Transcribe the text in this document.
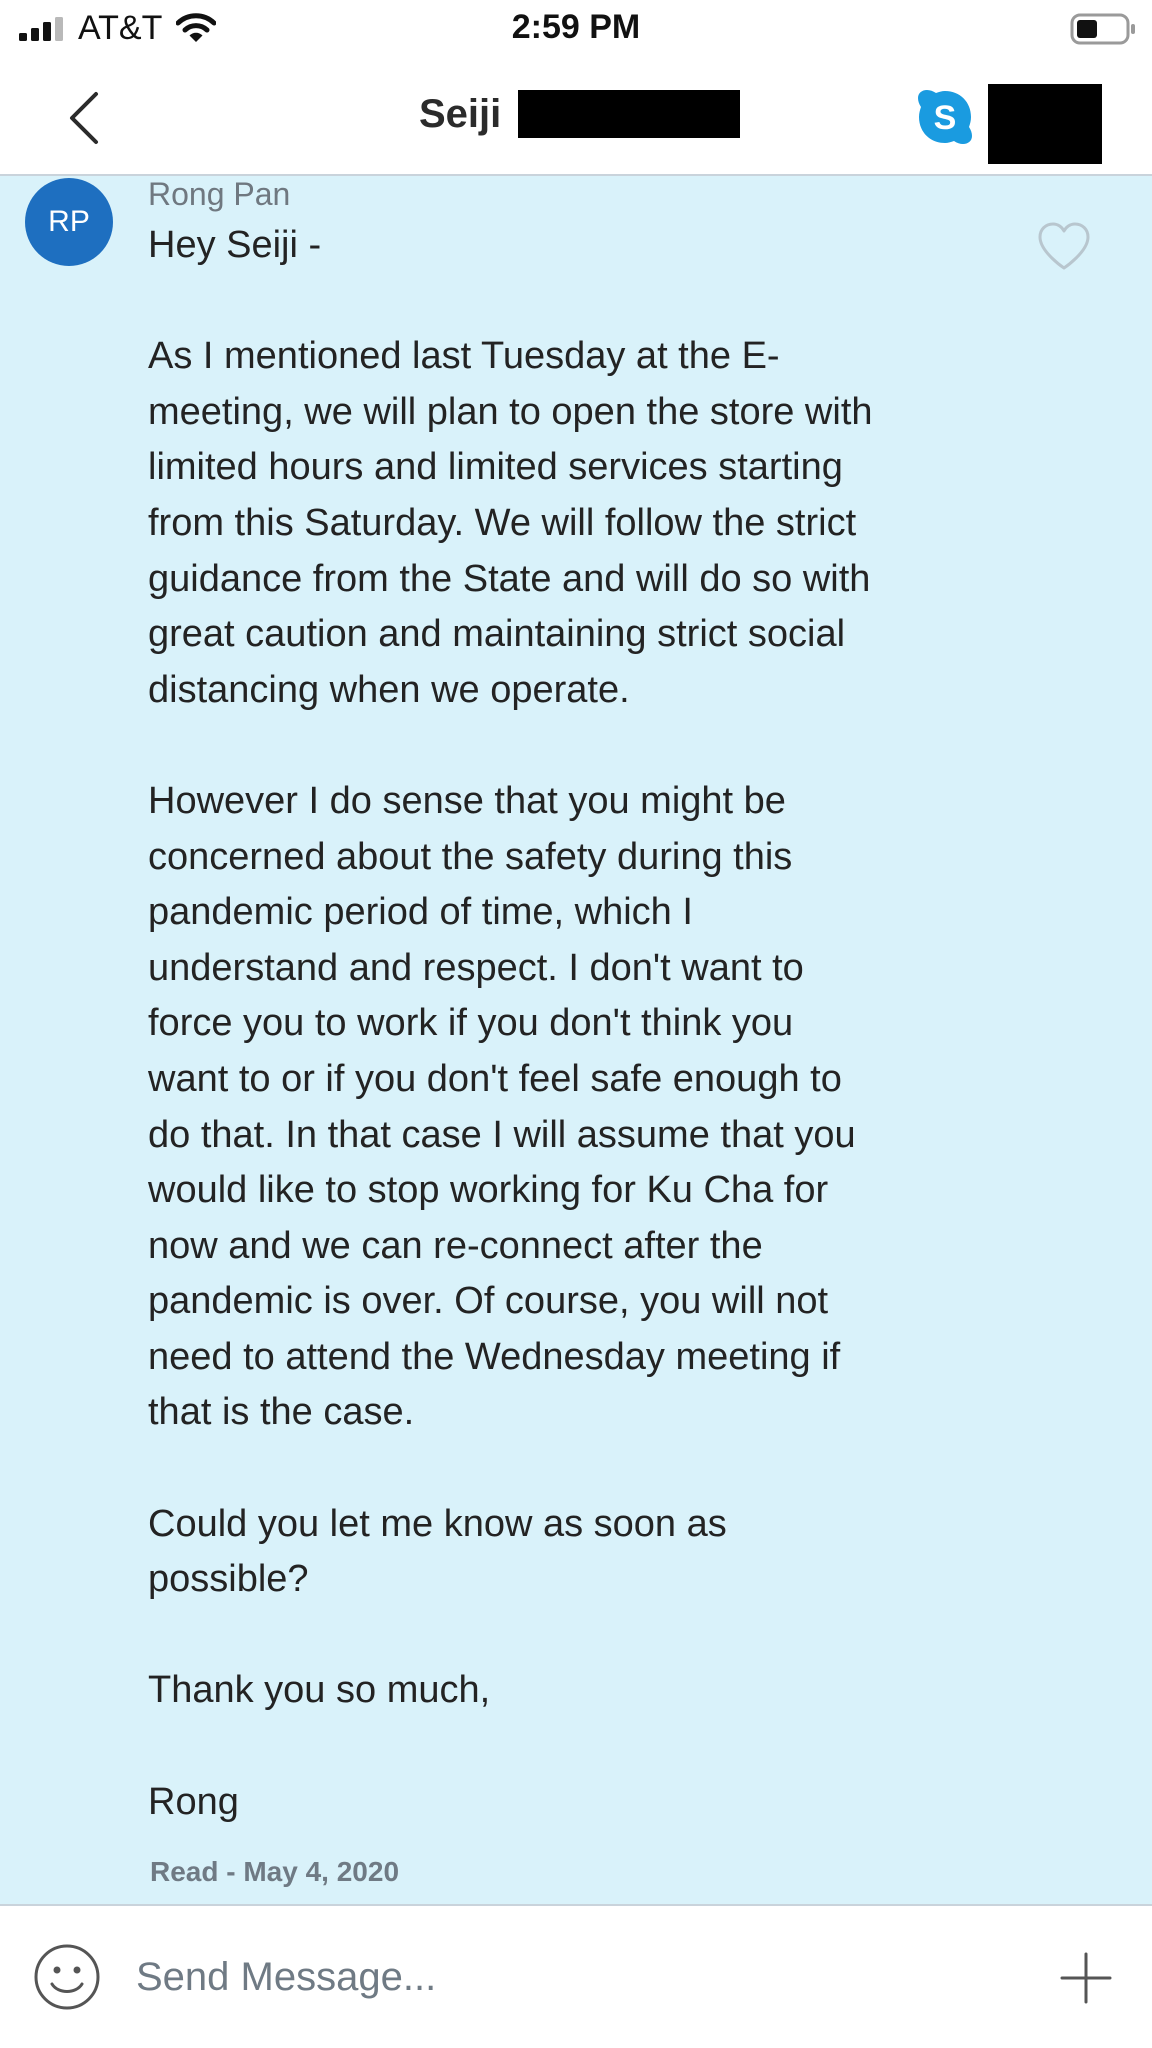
AT&T	2:59 PM
Seiji	S
RP
Rong Pan
Hey Seiji -

As I mentioned last Tuesday at the E-
meeting, we will plan to open the store with
limited hours and limited services starting
from this Saturday. We will follow the strict
guidance from the State and will do so with
great caution and maintaining strict social
distancing when we operate.

However I do sense that you might be
concerned about the safety during this
pandemic period of time, which I
understand and respect. I don't want to
force you to work if you don't think you
want to or if you don't feel safe enough to
do that. In that case I will assume that you
would like to stop working for Ku Cha for
now and we can re-connect after the
pandemic is over. Of course, you will not
need to attend the Wednesday meeting if
that is the case.

Could you let me know as soon as
possible?

Thank you so much,

Rong
Read - May 4, 2020
Send Message...
